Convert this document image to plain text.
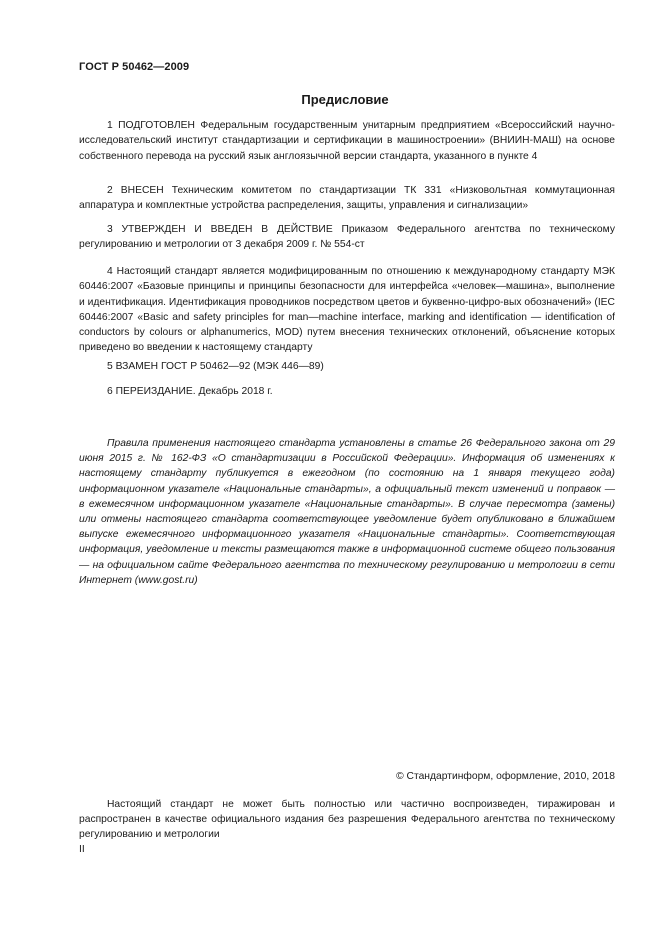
ГОСТ Р 50462—2009
Предисловие

1 ПОДГОТОВЛЕН Федеральным государственным унитарным предприятием «Всероссийский научно-исследовательский институт стандартизации и сертификации в машиностроении» (ВНИИН-МАШ) на основе собственного перевода на русский язык англоязычной версии стандарта, указанного в пункте 4

2 ВНЕСЕН Техническим комитетом по стандартизации ТК 331 «Низковольтная коммутационная аппаратура и комплектные устройства распределения, защиты, управления и сигнализации»

3 УТВЕРЖДЕН И ВВЕДЕН В ДЕЙСТВИЕ Приказом Федерального агентства по техническому регулированию и метрологии от 3 декабря 2009 г. № 554-ст

4 Настоящий стандарт является модифицированным по отношению к международному стандарту МЭК 60446:2007 «Базовые принципы и принципы безопасности для интерфейса «человек—машина», выполнение и идентификация. Идентификация проводников посредством цветов и буквенно-цифро-вых обозначений» (IEC 60446:2007 «Basic and safety principles for man—machine interface, marking and identification — identification of conductors by colours or alphanumerics, MOD) путем внесения технических отклонений, объяснение которых приведено во введении к настоящему стандарту

5 ВЗАМЕН ГОСТ Р 50462—92 (МЭК 446—89)

6 ПЕРЕИЗДАНИЕ. Декабрь 2018 г.

Правила применения настоящего стандарта установлены в статье 26 Федерального закона от 29 июня 2015 г. № 162-ФЗ «О стандартизации в Российской Федерации». Информация об изменениях к настоящему стандарту публикуется в ежегодном (по состоянию на 1 января текущего года) информационном указателе «Национальные стандарты», а официальный текст изменений и поправок — в ежемесячном информационном указателе «Национальные стандарты». В случае пересмотра (замены) или отмены настоящего стандарта соответствующее уведомление будет опубликовано в ближайшем выпуске ежемесячного информационного указателя «Национальные стандарты». Соответствующая информация, уведомление и тексты размещаются также в информационной системе общего пользования — на официальном сайте Федерального агентства по техническому регулированию и метрологии в сети Интернет (www.gost.ru)

© Стандартинформ, оформление, 2010, 2018

Настоящий стандарт не может быть полностью или частично воспроизведен, тиражирован и распространен в качестве официального издания без разрешения Федерального агентства по техническому регулированию и метрологии

II
